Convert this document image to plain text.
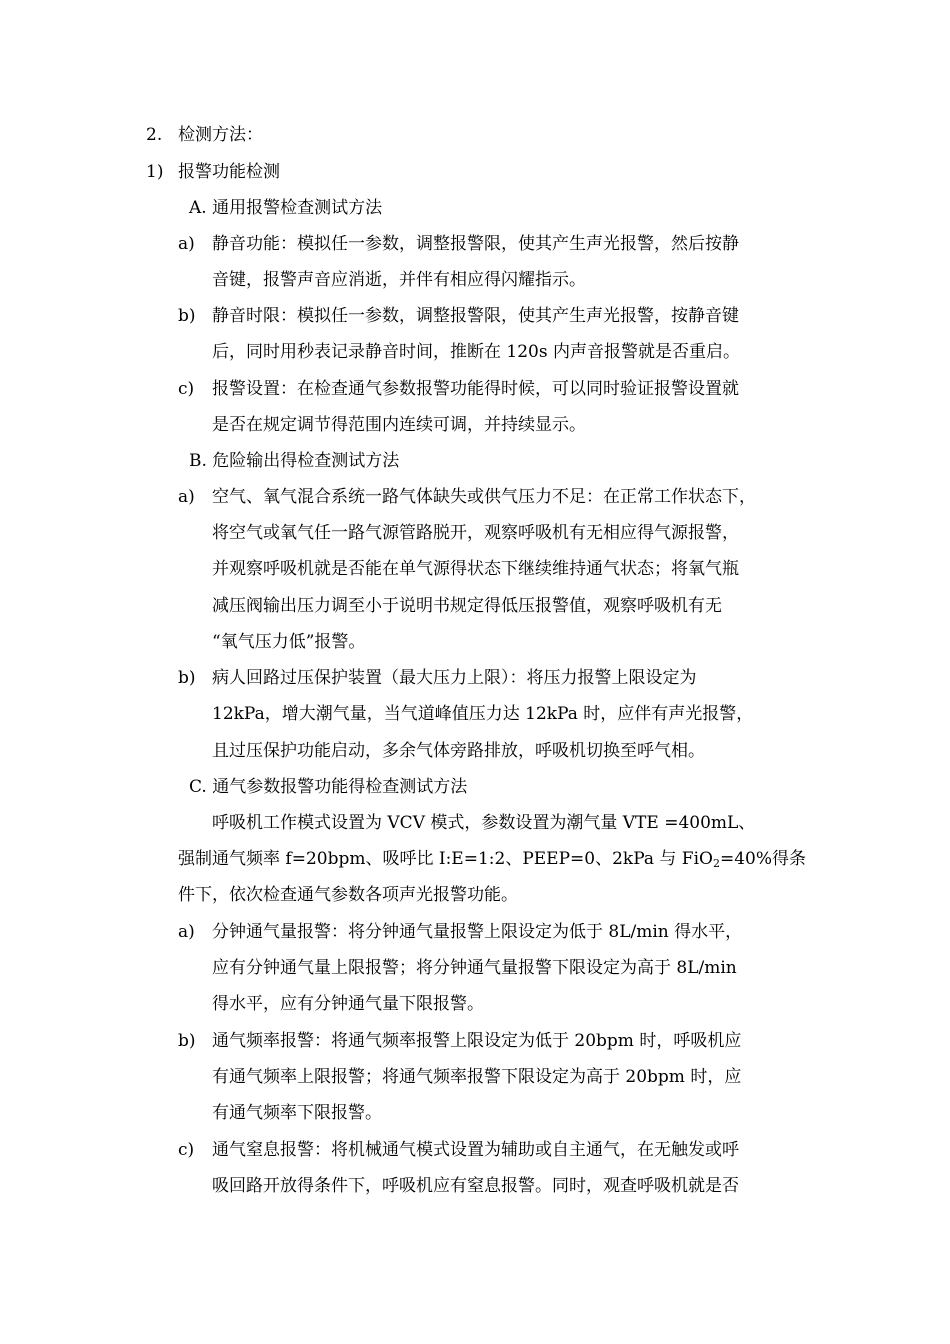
2. 检测方法：
1) 报警功能检测
A. 通用报警检查测试方法
a) 静音功能：模拟任一参数，调整报警限，使其产生声光报警，然后按静
音键，报警声音应消逝，并伴有相应得闪耀指示。
b) 静音时限：模拟任一参数，调整报警限，使其产生声光报警，按静音键
后，同时用秒表记录静音时间，推断在 120s 内声音报警就是否重启。
c) 报警设置：在检查通气参数报警功能得时候，可以同时验证报警设置就
是否在规定调节得范围内连续可调，并持续显示。
B. 危险输出得检查测试方法
a) 空气、氧气混合系统一路气体缺失或供气压力不足：在正常工作状态下，
将空气或氧气任一路气源管路脱开，观察呼吸机有无相应得气源报警，
并观察呼吸机就是否能在单气源得状态下继续维持通气状态；将氧气瓶
减压阀输出压力调至小于说明书规定得低压报警值，观察呼吸机有无
“氧气压力低”报警。
b) 病人回路过压保护装置（最大压力上限）：将压力报警上限设定为
12kPa，增大潮气量，当气道峰值压力达 12kPa 时，应伴有声光报警，
且过压保护功能启动，多余气体旁路排放，呼吸机切换至呼气相。
C. 通气参数报警功能得检查测试方法
呼吸机工作模式设置为 VCV 模式，参数设置为潮气量 VTE =400mL、
强制通气频率 f=20bpm、吸呼比 I:E=1:2、PEEP=0、2kPa 与 FiO$_2$=40%得条
件下，依次检查通气参数各项声光报警功能。
a) 分钟通气量报警：将分钟通气量报警上限设定为低于 8L/min 得水平，
应有分钟通气量上限报警；将分钟通气量报警下限设定为高于 8L/min
得水平，应有分钟通气量下限报警。
b) 通气频率报警：将通气频率报警上限设定为低于 20bpm 时，呼吸机应
有通气频率上限报警；将通气频率报警下限设定为高于 20bpm 时，应
有通气频率下限报警。
c) 通气窒息报警：将机械通气模式设置为辅助或自主通气，在无触发或呼
吸回路开放得条件下，呼吸机应有窒息报警。同时，观查呼吸机就是否
